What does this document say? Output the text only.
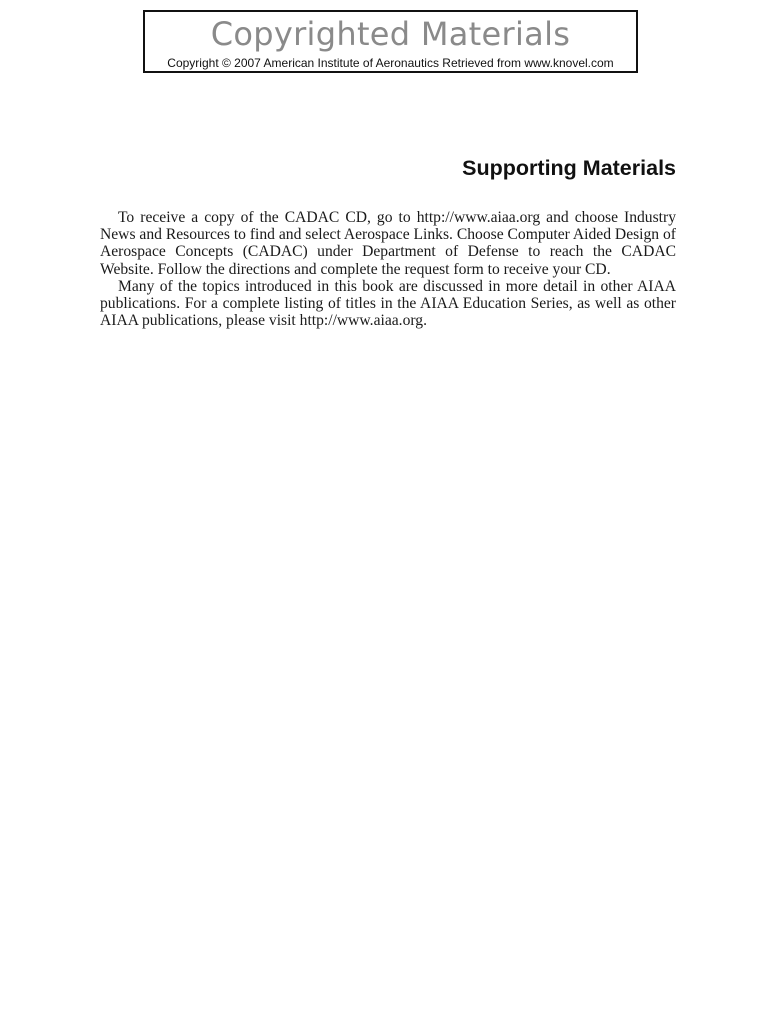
Copyrighted Materials
Copyright © 2007 American Institute of Aeronautics Retrieved from www.knovel.com
Supporting Materials

To receive a copy of the CADAC CD, go to http://www.aiaa.org and choose Industry News and Resources to find and select Aerospace Links. Choose Computer Aided Design of Aerospace Concepts (CADAC) under Department of Defense to reach the CADAC Website. Follow the directions and complete the request form to receive your CD.

Many of the topics introduced in this book are discussed in more detail in other AIAA publications. For a complete listing of titles in the AIAA Education Series, as well as other AIAA publications, please visit http://www.aiaa.org.
